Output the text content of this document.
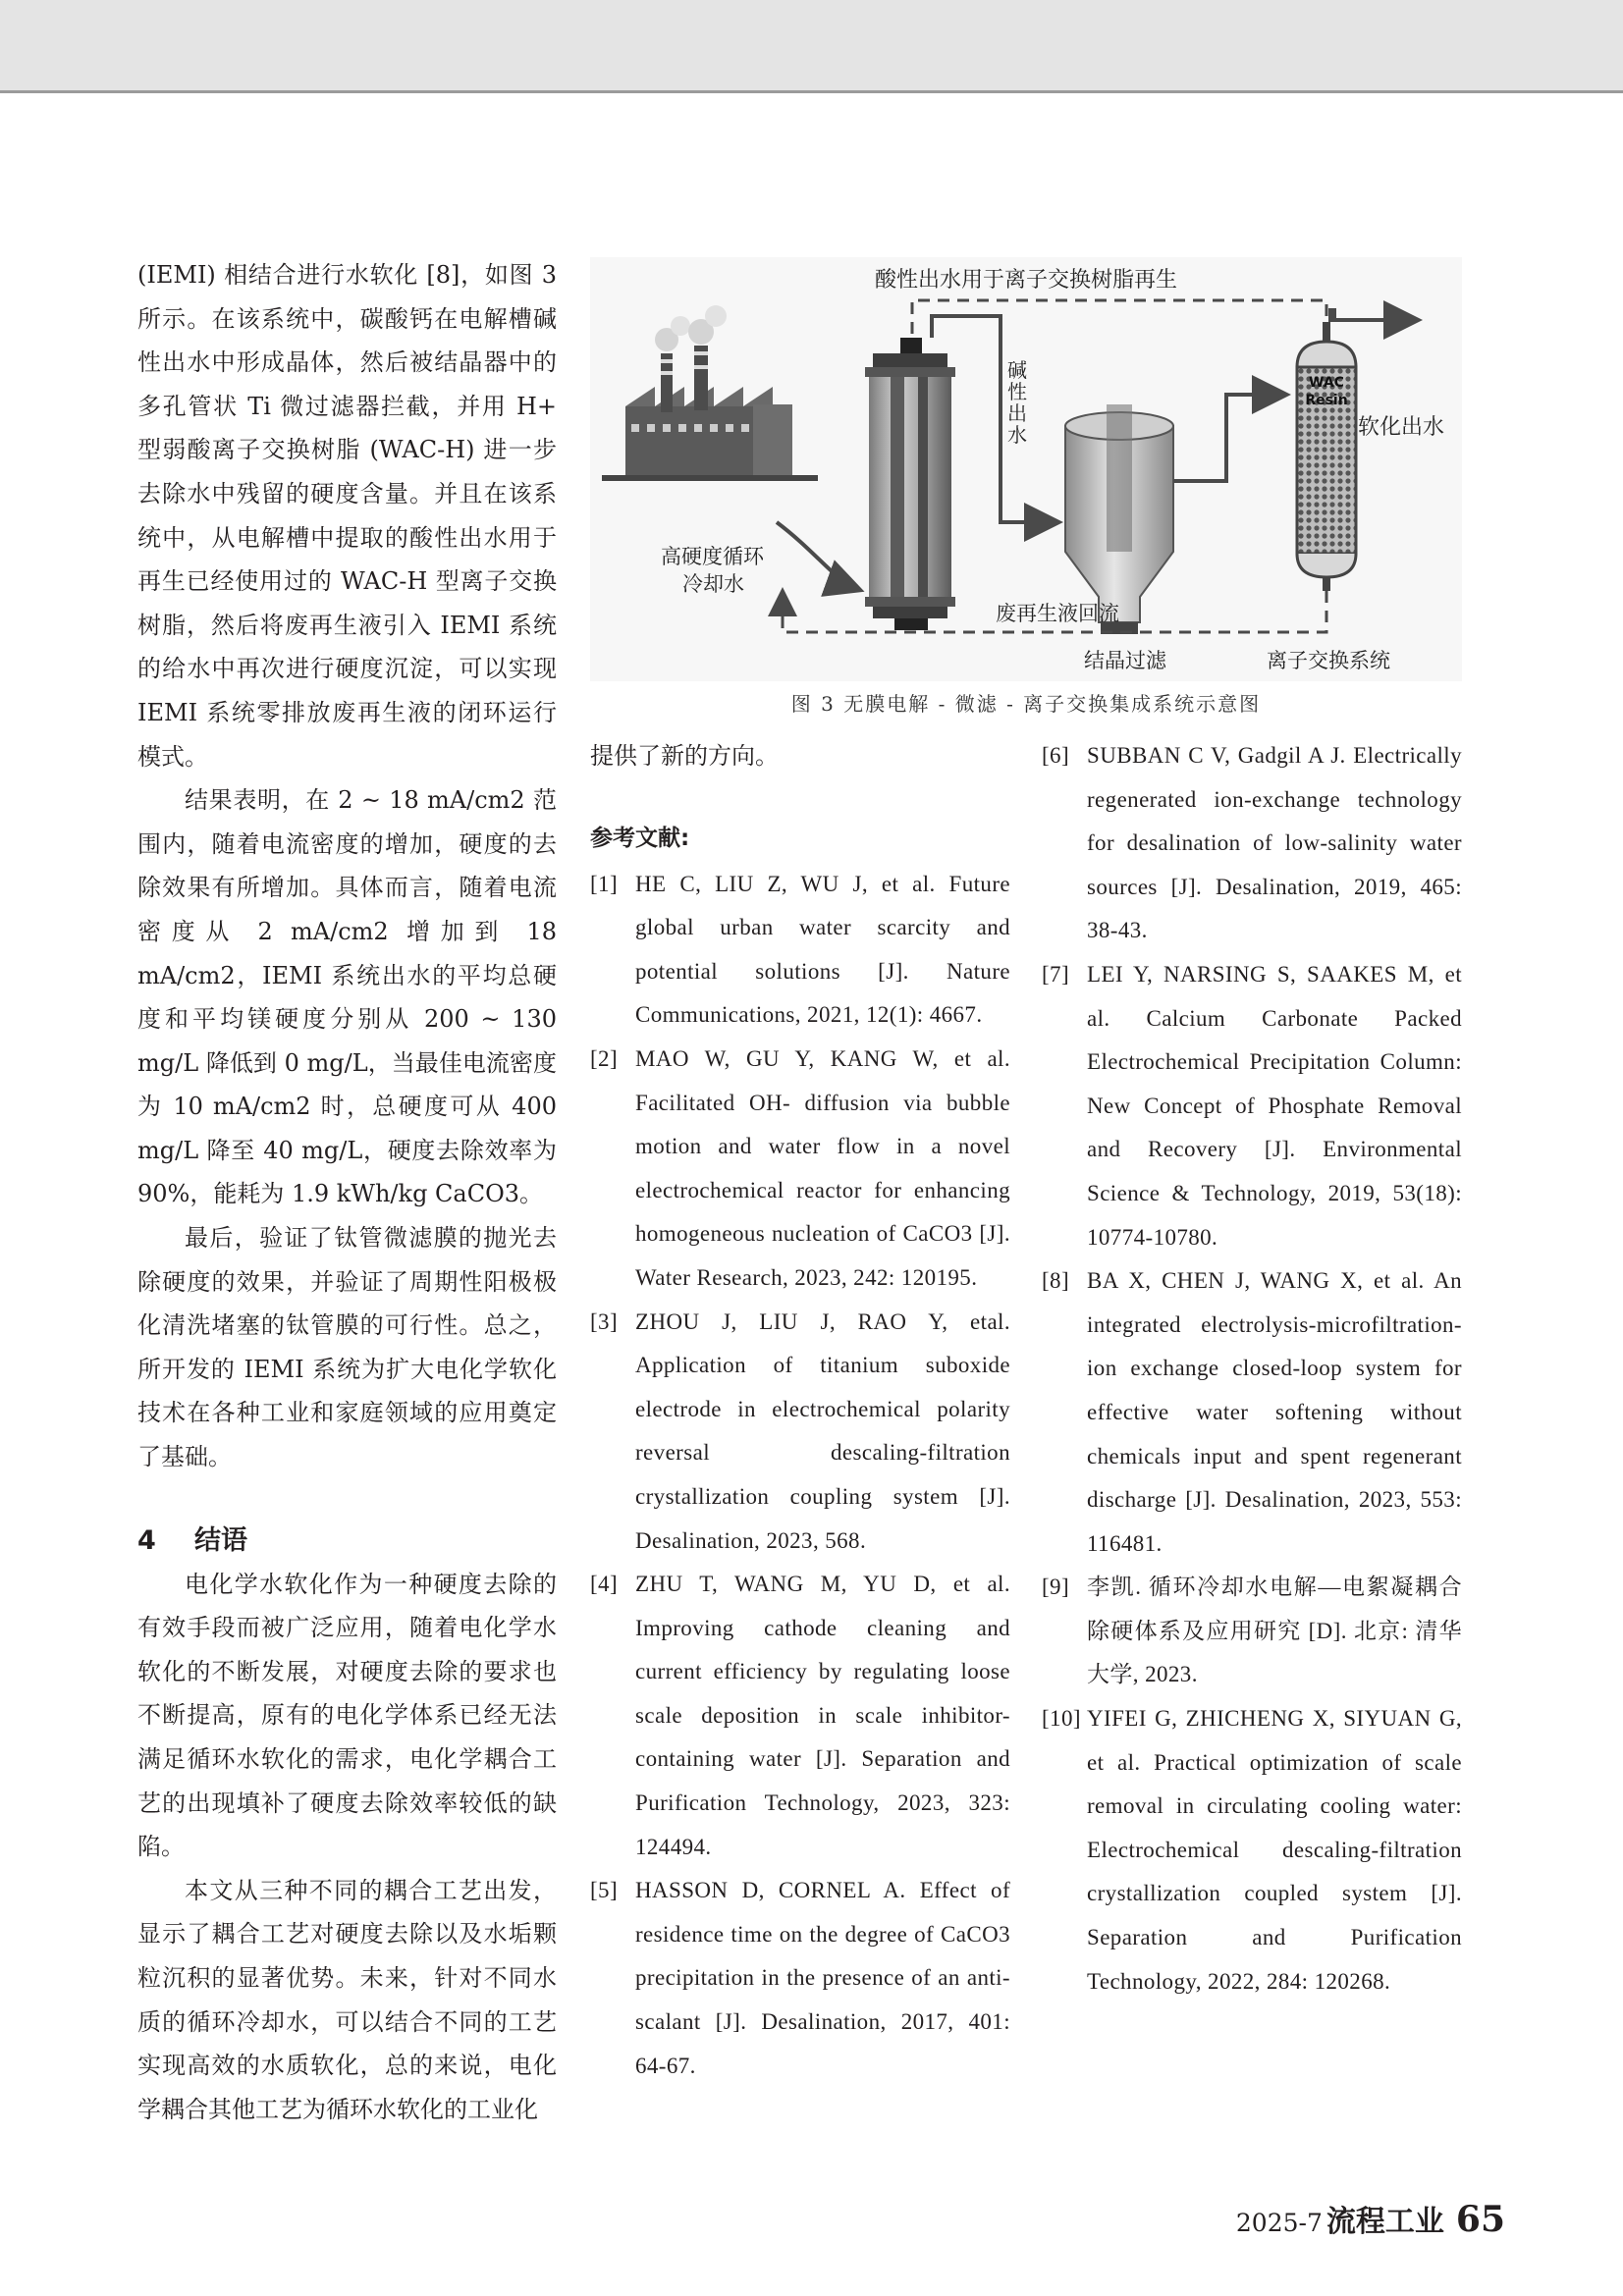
(IEMI) 相结合进行水软化 [8]，如图 3 所示。在该系统中，碳酸钙在电解槽碱性出水中形成晶体，然后被结晶器中的多孔管状 Ti 微过滤器拦截，并用 H+ 型弱酸离子交换树脂 (WAC-H) 进一步去除水中残留的硬度含量。并且在该系统中，从电解槽中提取的酸性出水用于再生已经使用过的 WAC-H 型离子交换树脂，然后将废再生液引入 IEMI 系统的给水中再次进行硬度沉淀，可以实现 IEMI 系统零排放废再生液的闭环运行模式。

结果表明，在 2 ~ 18 mA/cm2 范围内，随着电流密度的增加，硬度的去除效果有所增加。具体而言，随着电流密度从 2 mA/cm2 增加到 18 mA/cm2，IEMI 系统出水的平均总硬度和平均镁硬度分别从 200 ~ 130 mg/L 降低到 0 mg/L，当最佳电流密度为 10 mA/cm2 时，总硬度可从 400 mg/L 降至 40 mg/L，硬度去除效率为 90%，能耗为 1.9 kWh/kg CaCO3。

最后，验证了钛管微滤膜的抛光去除硬度的效果，并验证了周期性阳极极化清洗堵塞的钛管膜的可行性。总之，所开发的 IEMI 系统为扩大电化学软化技术在各种工业和家庭领域的应用奠定了基础。

4 结语

电化学水软化作为一种硬度去除的有效手段而被广泛应用，随着电化学水软化的不断发展，对硬度去除的要求也不断提高，原有的电化学体系已经无法满足循环水软化的需求，电化学耦合工艺的出现填补了硬度去除效率较低的缺陷。

本文从三种不同的耦合工艺出发，显示了耦合工艺对硬度去除以及水垢颗粒沉积的显著优势。未来，针对不同水质的循环冷却水，可以结合不同的工艺实现高效的水质软化，总的来说，电化学耦合其他工艺为循环水软化的工业化

高硬度循环
冷却水
碱
性
出
水
WAC
Resin
软化出水
酸性出水用于离子交换树脂再生
废再生液回流
结晶过滤	离子交换系统
图 3 无膜电解 - 微滤 - 离子交换集成系统示意图

提供了新的方向。

参考文献:
[1] HE C, LIU Z, WU J, et al. Future global urban water scarcity and potential solutions [J]. Nature Communications, 2021, 12(1): 4667.
[2] MAO W, GU Y, KANG W, et al. Facilitated OH- diffusion via bubble motion and water flow in a novel electrochemical reactor for enhancing homogeneous nucleation of CaCO3 [J]. Water Research, 2023, 242: 120195.
[3] ZHOU J, LIU J, RAO Y, etal. Application of titanium suboxide electrode in electrochemical polarity reversal descaling-filtration crystallization coupling system [J]. Desalination, 2023, 568.
[4] ZHU T, WANG M, YU D, et al. Improving cathode cleaning and current efficiency by regulating loose scale deposition in scale inhibitor-containing water [J]. Separation and Purification Technology, 2023, 323: 124494.
[5] HASSON D, CORNEL A. Effect of residence time on the degree of CaCO3 precipitation in the presence of an anti-scalant [J]. Desalination, 2017, 401: 64-67.
[6] SUBBAN C V, Gadgil A J. Electrically regenerated ion-exchange technology for desalination of low-salinity water sources [J]. Desalination, 2019, 465: 38-43.
[7] LEI Y, NARSING S, SAAKES M, et al. Calcium Carbonate Packed Electrochemical Precipitation Column: New Concept of Phosphate Removal and Recovery [J]. Environmental Science & Technology, 2019, 53(18): 10774-10780.
[8] BA X, CHEN J, WANG X, et al. An integrated electrolysis-microfiltration-ion exchange closed-loop system for effective water softening without chemicals input and spent regenerant discharge [J]. Desalination, 2023, 553: 116481.
[9] 李凯. 循环冷却水电解—电絮凝耦合除硬体系及应用研究 [D]. 北京: 清华大学, 2023.
[10] YIFEI G, ZHICHENG X, SIYUAN G, et al. Practical optimization of scale removal in circulating cooling water: Electrochemical descaling-filtration crystallization coupled system [J]. Separation and Purification Technology, 2022, 284: 120268.
2025-7 流程工业 65
